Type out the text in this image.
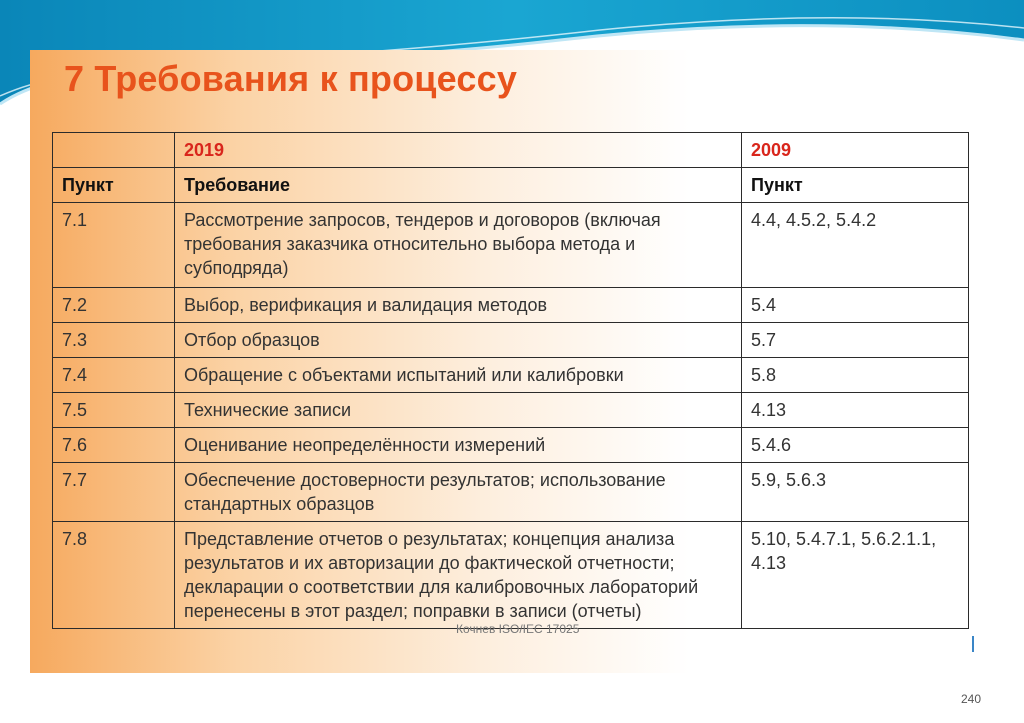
7 Требования к процессу
	2019	2009
Пункт	Требование	Пункт
7.1	Рассмотрение запросов, тендеров и договоров (включая требования заказчика относительно выбора метода и субподряда)	4.4, 4.5.2, 5.4.2
7.2	Выбор, верификация и валидация методов	5.4
7.3	Отбор образцов	5.7
7.4	Обращение с объектами испытаний или калибровки	5.8
7.5	Технические записи	4.13
7.6	Оценивание неопределённости измерений	5.4.6
7.7	Обеспечение достоверности результатов; использование стандартных образцов	5.9, 5.6.3
7.8	Представление отчетов о результатах; концепция анализа результатов и их авторизации до фактической отчетности; декларации о соответствии для калибровочных лабораторий перенесены в этот раздел; поправки в записи (отчеты)	5.10, 5.4.7.1, 5.6.2.1.1, 4.13
Кочнев ISO/IEC 17025
240
